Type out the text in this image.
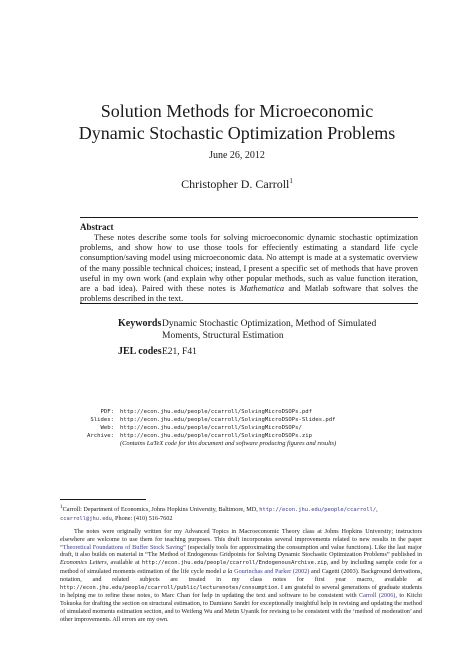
Solution Methods for Microeconomic
Dynamic Stochastic Optimization Problems
June 26, 2012
Christopher D. Carroll$^1$
Abstract
These notes describe some tools for solving microeconomic dynamic stochastic optimization problems, and show how to use those tools for effeciently estimating a standard life cycle consumption/saving model using microeconomic data. No attempt is made at a systematic overview of the many possible technical choices; instead, I present a specific set of methods that have proven useful in my own work (and explain why other popular methods, such as value function iteration, are a bad idea). Paired with these notes is Mathematica and Matlab software that solves the problems described in the text.
Keywords Dynamic Stochastic Optimization, Method of Simulated Moments, Structural Estimation
JEL codes E21, F41
PDF:	http://econ.jhu.edu/people/ccarroll/SolvingMicroDSOPs.pdf
Slides:	http://econ.jhu.edu/people/ccarroll/SolvingMicroDSOPs-Slides.pdf
Web:	http://econ.jhu.edu/people/ccarroll/SolvingMicroDSOPs/
Archive:	http://econ.jhu.edu/people/ccarroll/SolvingMicroDSOPs.zip
(Contains LaTeX code for this document and software producing figures and results)
$^1$Carroll: Department of Economics, Johns Hopkins University, Baltimore, MD, http://econ.jhu.edu/people/ccarroll/, ccarroll@jhu.edu, Phone: (410) 516-7602
The notes were originally written for my Advanced Topics in Macroeconomic Theory class at Johns Hopkins University; instructors elsewhere are welcome to use them for teaching purposes. This draft incorporates several improvements related to new results in the paper “Theoretical Foundations of Buffer Stock Saving” (especially tools for approximating the consumption and value functions). Like the last major draft, it also builds on material in “The Method of Endogenous Gridpoints for Solving Dynamic Stochastic Optimization Problems” published in Economics Letters, available at http://econ.jhu.edu/people/ccarroll/EndogenousArchive.zip, and by including sample code for a method of simulated moments estimation of the life cycle model a la Gourinchas and Parker (2002) and Cagetti (2003). Background derivations, notation, and related subjects are treated in my class notes for first year macro, available at http://econ.jhu.edu/people/ccarroll/public/lecturenotes/consumption. I am grateful to several generations of graduate students in helping me to refine these notes, to Marc Chan for help in updating the text and software to be consistent with Carroll (2006), to Kiichi Tokuoka for drafting the section on structural estimation, to Damiano Sandri for exceptionally insightful help in revising and updating the method of simulated moments estimation section, and to Weifeng Wu and Metin Uyanik for revising to be consistent with the ‘method of moderation’ and other improvements. All errors are my own.
